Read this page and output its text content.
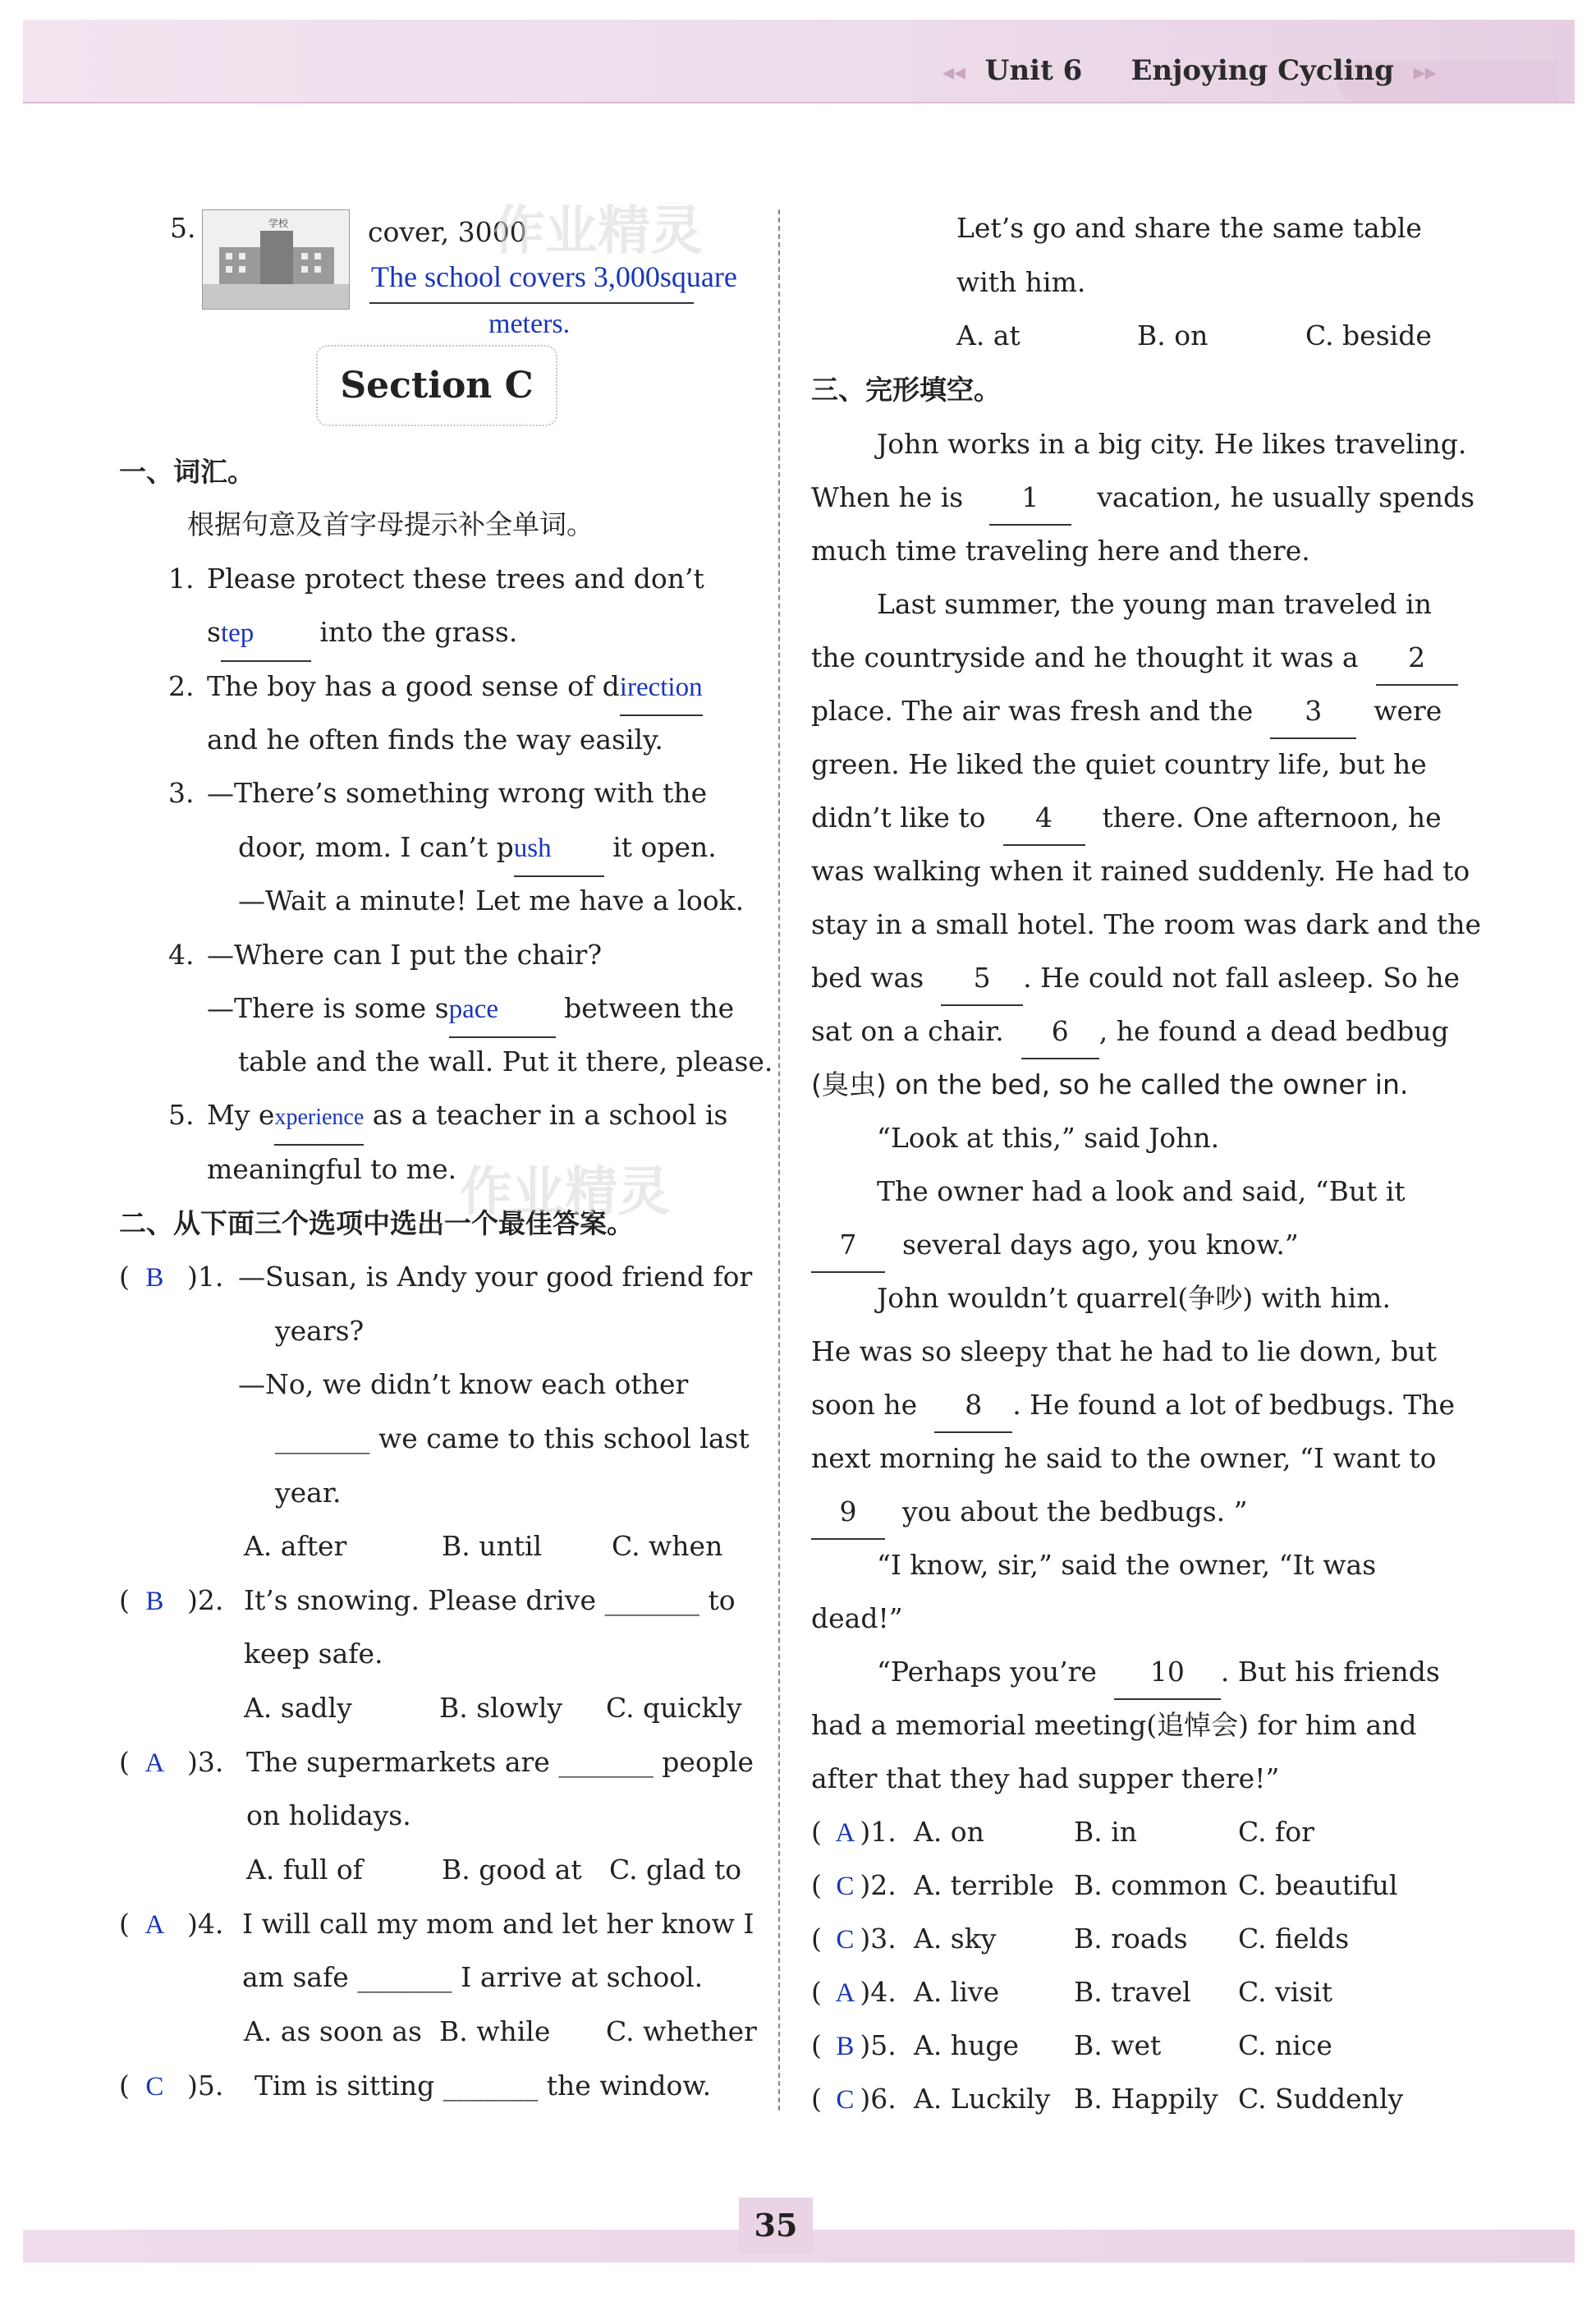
◂◂ Unit 6 Enjoying Cycling ▸▸
5.	学校	cover, 3000
The school covers 3,000square
meters.
Section C
一、词汇。
根据句意及首字母提示补全单词。
1. Please protect these trees and don’t
step into the grass.
2. The boy has a good sense of direction
and he often finds the way easily.
3. —There’s something wrong with the
door, mom. I can’t push it open.
—Wait a minute! Let me have a look.
4. —Where can I put the chair?
—There is some space between the
table and the wall. Put it there, please.
5. My experience as a teacher in a school is
meaningful to me.
二、从下面三个选项中选出一个最佳答案。
( B )1. —Susan, is Andy your good friend for
years?
—No, we didn’t know each other
_______ we came to this school last
year.
A. after	B. until	C. when
( B )2. It’s snowing. Please drive _______ to
keep safe.
A. sadly	B. slowly C. quickly
( A )3. The supermarkets are _______ people
on holidays.
A. full of	B. good at C. glad to
( A )4. I will call my mom and let her know I
am safe _______ I arrive at school.
A. as soon as B. while C. whether
( C )5. Tim is sitting _______ the window.
作业精灵
作业精灵
Let’s go and share the same table
with him.
A. at	B. on	C. beside
三、完形填空。
John works in a big city. He likes traveling.
When he is 1 vacation, he usually spends
much time traveling here and there.
Last summer, the young man traveled in
the countryside and he thought it was a 2
place. The air was fresh and the 3 were
green. He liked the quiet country life, but he
didn’t like to 4 there. One afternoon, he
was walking when it rained suddenly. He had to
stay in a small hotel. The room was dark and the
bed was 5 . He could not fall asleep. So he
sat on a chair. 6 , he found a dead bedbug
(臭虫) on the bed, so he called the owner in.
“Look at this,” said John.
The owner had a look and said, “But it
7 several days ago, you know.”
John wouldn’t quarrel(争吵) with him.
He was so sleepy that he had to lie down, but
soon he 8 . He found a lot of bedbugs. The
next morning he said to the owner, “I want to
9 you about the bedbugs. ”
“I know, sir,” said the owner, “It was
dead!”
“Perhaps you’re 10 . But his friends
had a memorial meeting(追悼会) for him and
after that they had supper there!”
( A )1. A. on	B. in	C. for
( C )2. A. terrible B. common C. beautiful
( C )3. A. sky	B. roads C. fields
( A )4. A. live	B. travel C. visit
( B )5. A. huge B. wet	C. nice
( C )6. A. Luckily B. Happily C. Suddenly
35
